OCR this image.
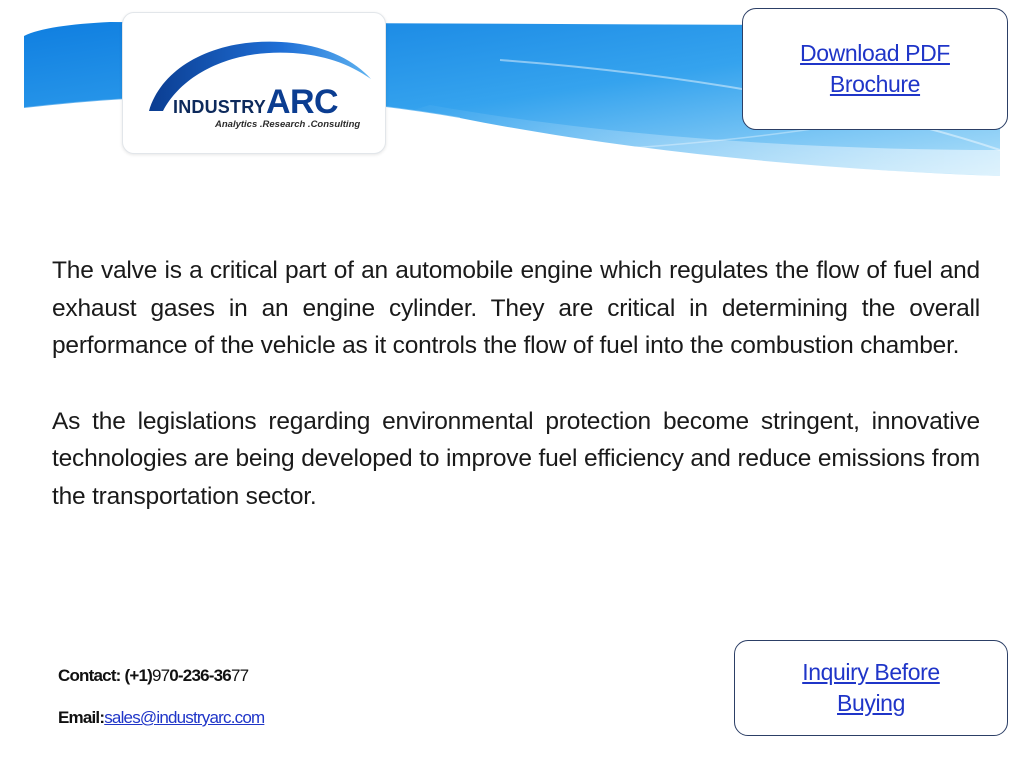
INDUSTRYARC
Analytics .Research .Consulting
Download PDF
Brochure

The valve is a critical part of an automobile engine which regulates the flow of fuel and exhaust gases in an engine cylinder. They are critical in determining the overall performance of the vehicle as it controls the flow of fuel into the combustion chamber.

As the legislations regarding environmental protection become stringent, innovative technologies are being developed to improve fuel efficiency and reduce emissions from the transportation sector.

Contact: (+1)970-236-3677
Email:sales@industryarc.com
Inquiry Before
Buying
